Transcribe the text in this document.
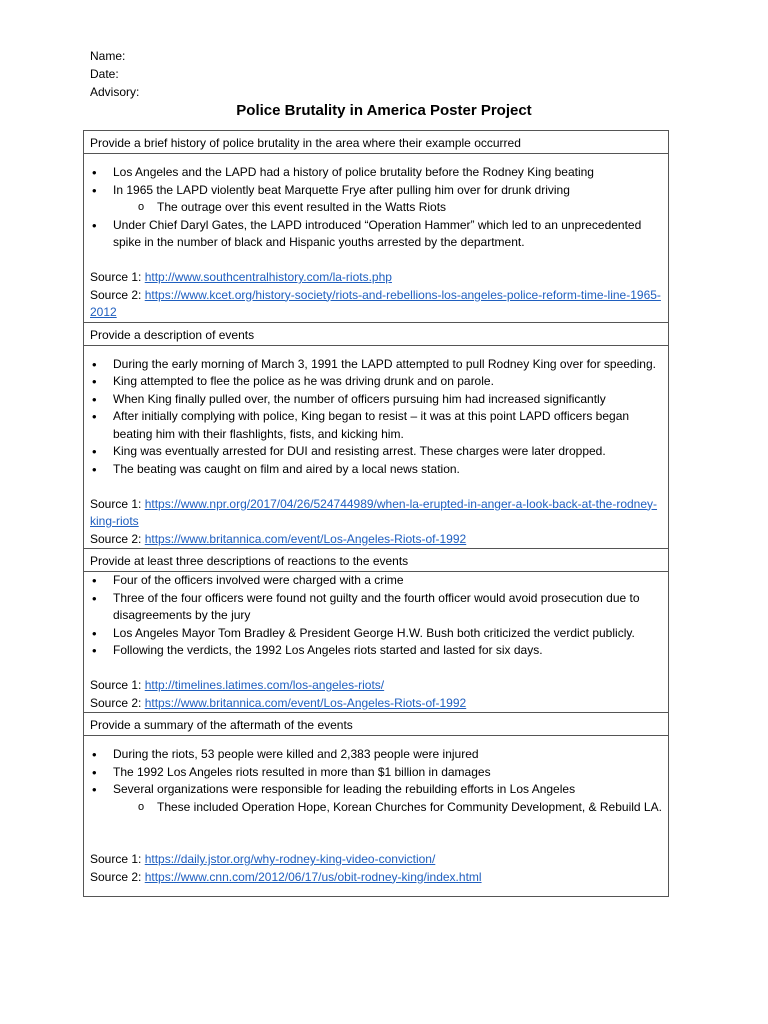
Name:
Date:
Advisory:
Police Brutality in America Poster Project
Provide a brief history of police brutality in the area where their example occurred
• Los Angeles and the LAPD had a history of police brutality before the Rodney King beating
• In 1965 the LAPD violently beat Marquette Frye after pulling him over for drunk driving
o The outrage over this event resulted in the Watts Riots
• Under Chief Daryl Gates, the LAPD introduced “Operation Hammer” which led to an unprecedented spike in the number of black and Hispanic youths arrested by the department.
Source 1: http://www.southcentralhistory.com/la-riots.php
Source 2: https://www.kcet.org/history-society/riots-and-rebellions-los-angeles-police-reform-time-line-1965-2012
Provide a description of events
• During the early morning of March 3, 1991 the LAPD attempted to pull Rodney King over for speeding.
• King attempted to flee the police as he was driving drunk and on parole.
• When King finally pulled over, the number of officers pursuing him had increased significantly
• After initially complying with police, King began to resist – it was at this point LAPD officers began beating him with their flashlights, fists, and kicking him.
• King was eventually arrested for DUI and resisting arrest. These charges were later dropped.
• The beating was caught on film and aired by a local news station.
Source 1: https://www.npr.org/2017/04/26/524744989/when-la-erupted-in-anger-a-look-back-at-the-rodney-king-riots
Source 2: https://www.britannica.com/event/Los-Angeles-Riots-of-1992
Provide at least three descriptions of reactions to the events
• Four of the officers involved were charged with a crime
• Three of the four officers were found not guilty and the fourth officer would avoid prosecution due to disagreements by the jury
• Los Angeles Mayor Tom Bradley & President George H.W. Bush both criticized the verdict publicly.
• Following the verdicts, the 1992 Los Angeles riots started and lasted for six days.
Source 1: http://timelines.latimes.com/los-angeles-riots/
Source 2: https://www.britannica.com/event/Los-Angeles-Riots-of-1992
Provide a summary of the aftermath of the events
• During the riots, 53 people were killed and 2,383 people were injured
• The 1992 Los Angeles riots resulted in more than $1 billion in damages
• Several organizations were responsible for leading the rebuilding efforts in Los Angeles
o These included Operation Hope, Korean Churches for Community Development, & Rebuild LA.
Source 1: https://daily.jstor.org/why-rodney-king-video-conviction/
Source 2: https://www.cnn.com/2012/06/17/us/obit-rodney-king/index.html
